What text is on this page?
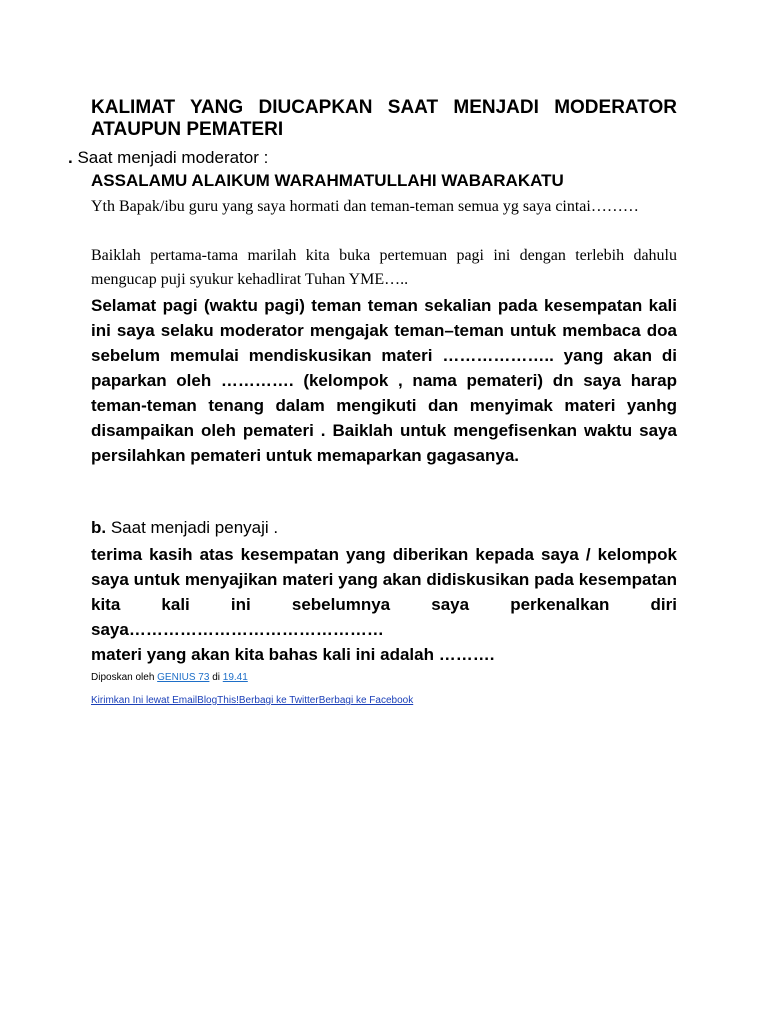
KALIMAT YANG DIUCAPKAN SAAT MENJADI MODERATOR ATAUPUN PEMATERI
. Saat menjadi moderator :
ASSALAMU ALAIKUM WARAHMATULLAHI WABARAKATU
Yth Bapak/ibu guru yang saya hormati dan teman-teman semua yg saya cintai………
Baiklah pertama-tama marilah kita buka pertemuan pagi ini dengan terlebih dahulu mengucap puji syukur kehadlirat Tuhan YME…..
Selamat pagi (waktu pagi) teman teman sekalian pada kesempatan kali ini saya selaku moderator mengajak teman–teman untuk membaca doa sebelum memulai mendiskusikan materi ……………….. yang akan di paparkan oleh …………. (kelompok , nama pemateri) dn saya harap teman-teman tenang dalam mengikuti dan menyimak materi yanhg disampaikan oleh pemateri . Baiklah untuk mengefisenkan waktu saya persilahkan pemateri untuk memaparkan gagasanya.
b. Saat menjadi penyaji .
terima kasih atas kesempatan yang diberikan kepada saya / kelompok saya untuk menyajikan materi yang akan didiskusikan pada kesempatan kita kali ini sebelumnya saya perkenalkan diri saya………………………………………
materi yang akan kita bahas kali ini adalah ……….
Diposkan oleh GENIUS 73 di 19.41
Kirimkan Ini lewat EmailBlogThis!Berbagi ke TwitterBerbagi ke Facebook
